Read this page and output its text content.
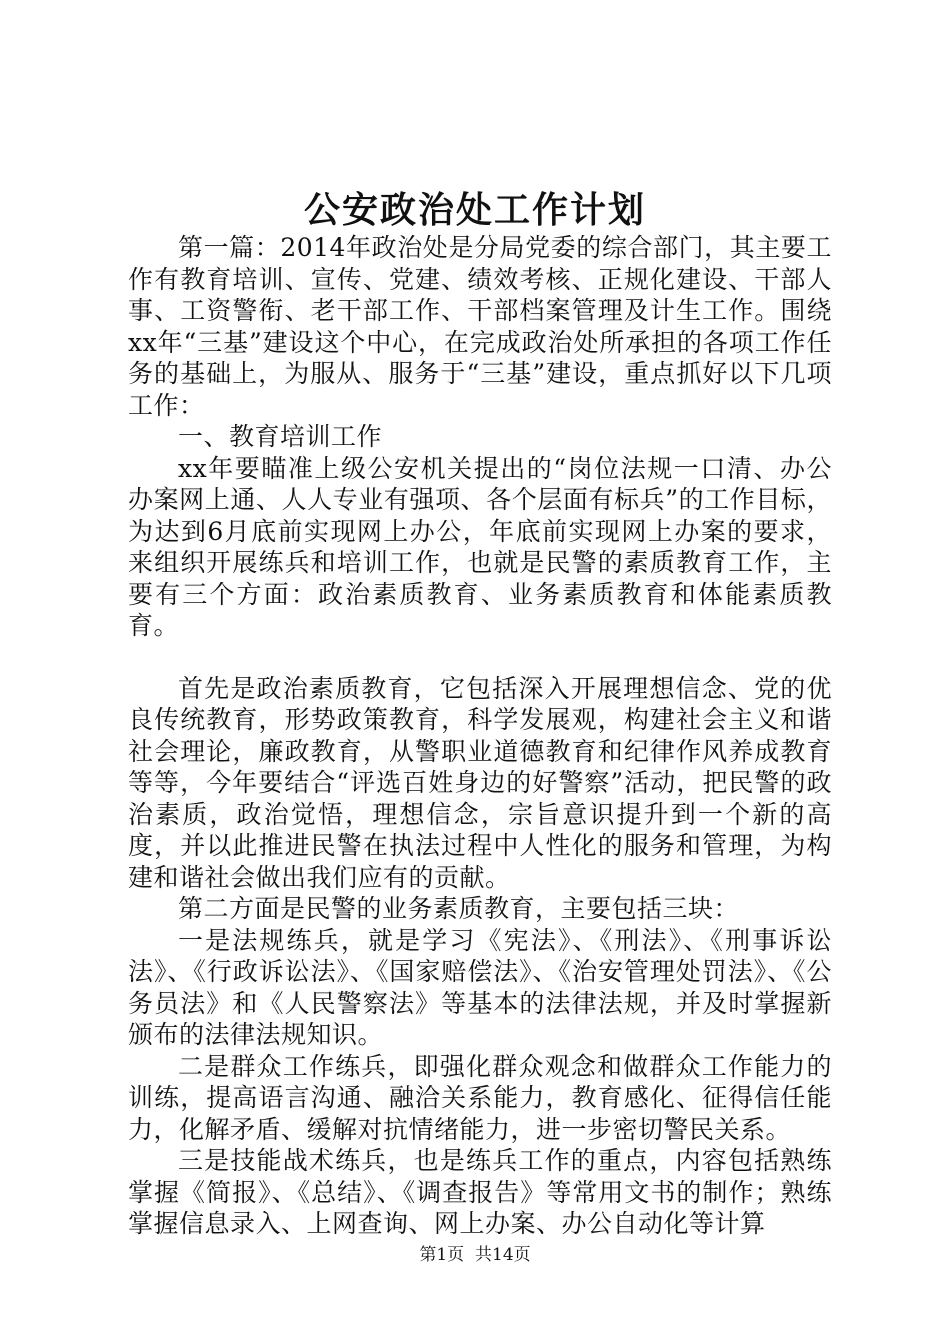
公安政治处工作计划

第一篇：2014年政治处是分局党委的综合部门，其主要工作有教育培训、宣传、党建、绩效考核、正规化建设、干部人事、工资警衔、老干部工作、干部档案管理及计生工作。围绕xx年“三基”建设这个中心，在完成政治处所承担的各项工作任务的基础上，为服从、服务于“三基”建设，重点抓好以下几项工作：

一、教育培训工作

xx年要瞄准上级公安机关提出的“岗位法规一口清、办公办案网上通、人人专业有强项、各个层面有标兵”的工作目标，为达到6月底前实现网上办公，年底前实现网上办案的要求，来组织开展练兵和培训工作，也就是民警的素质教育工作，主要有三个方面：政治素质教育、业务素质教育和体能素质教育。

首先是政治素质教育，它包括深入开展理想信念、党的优良传统教育，形势政策教育，科学发展观，构建社会主义和谐社会理论，廉政教育，从警职业道德教育和纪律作风养成教育等等，今年要结合“评选百姓身边的好警察”活动，把民警的政治素质，政治觉悟，理想信念，宗旨意识提升到一个新的高度，并以此推进民警在执法过程中人性化的服务和管理，为构建和谐社会做出我们应有的贡献。

第二方面是民警的业务素质教育，主要包括三块：

一是法规练兵，就是学习《宪法》、《刑法》、《刑事诉讼法》、《行政诉讼法》、《国家赔偿法》、《治安管理处罚法》、《公务员法》和《人民警察法》等基本的法律法规，并及时掌握新颁布的法律法规知识。

二是群众工作练兵，即强化群众观念和做群众工作能力的训练，提高语言沟通、融洽关系能力，教育感化、征得信任能力，化解矛盾、缓解对抗情绪能力，进一步密切警民关系。

三是技能战术练兵，也是练兵工作的重点，内容包括熟练掌握《简报》、《总结》、《调查报告》等常用文书的制作；熟练掌握信息录入、上网查询、网上办案、办公自动化等计算

第1页 共14页
